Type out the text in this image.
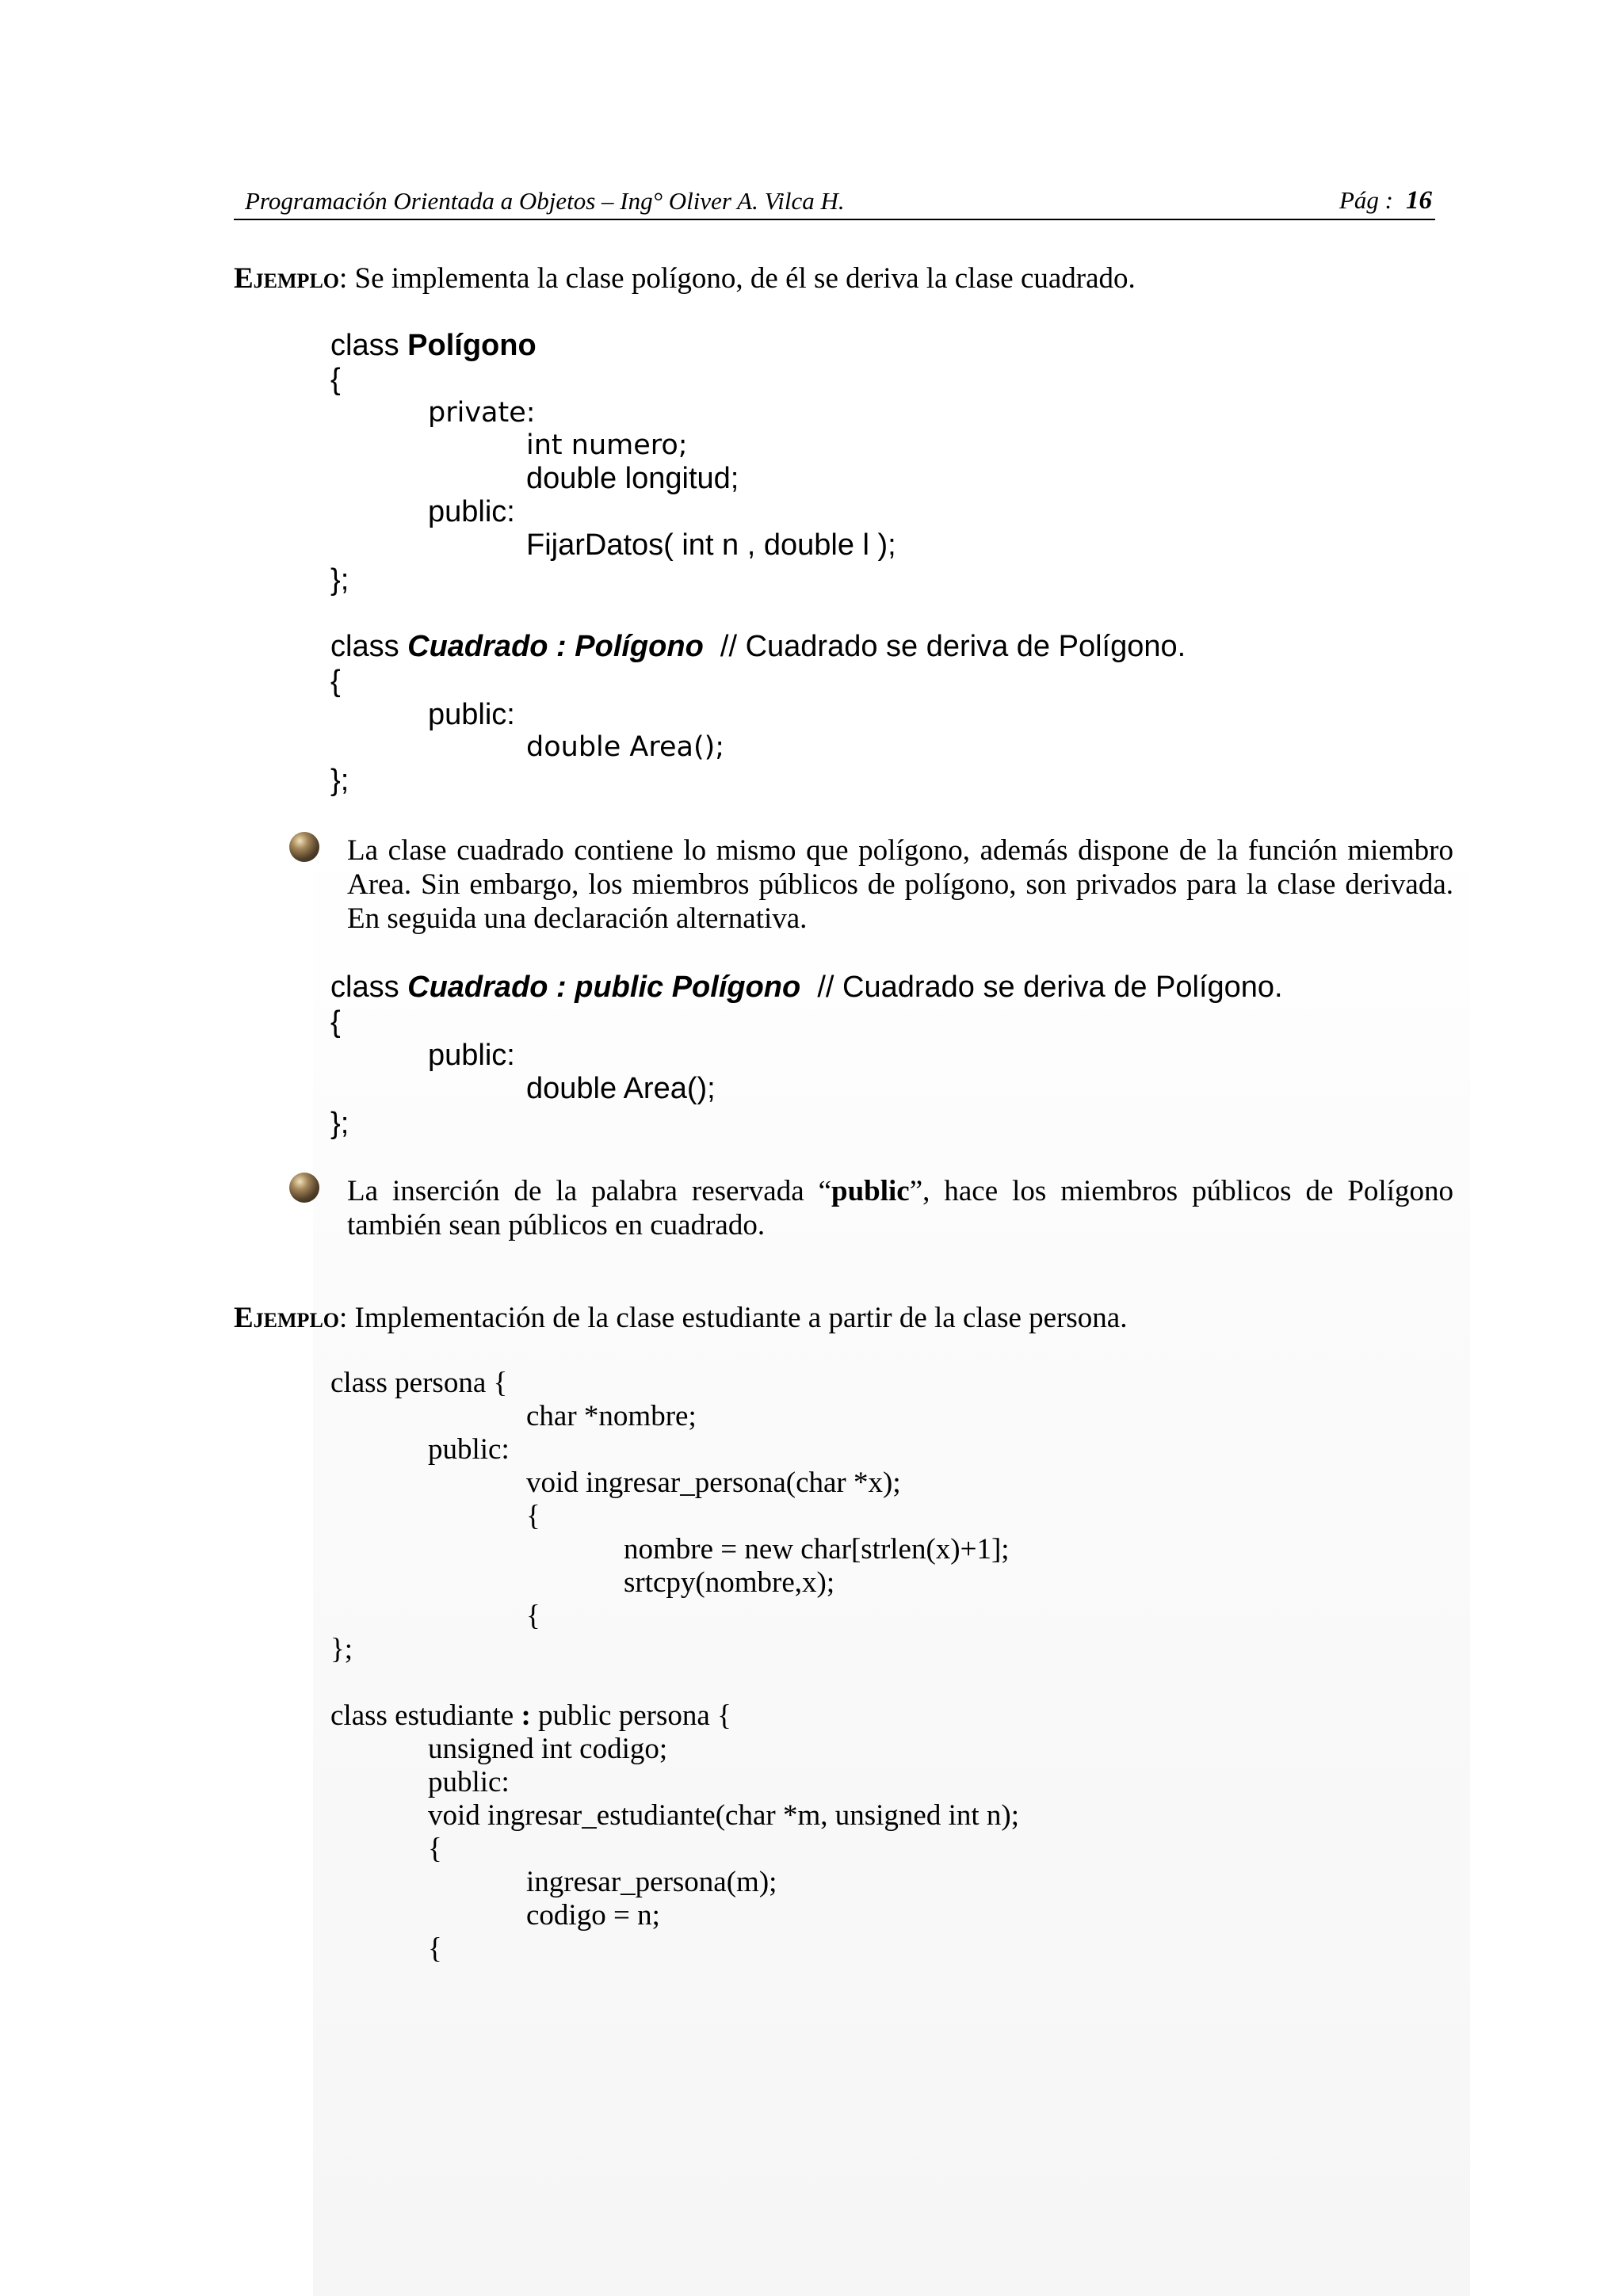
Programación Orientada a Objetos – Ing° Oliver A. Vilca H.	Pág : 16
Ejemplo: Se implementa la clase polígono, de él se deriva la clase cuadrado.
class Polígono
{
private:
int numero;
double longitud;
public:
FijarDatos( int n , double l );
};
class Cuadrado : Polígono  // Cuadrado se deriva de Polígono.
{
public:
double Area();
};
La clase cuadrado contiene lo mismo que polígono, además dispone de la función miembro Area. Sin embargo, los miembros públicos de polígono, son privados para la clase derivada. En seguida una declaración alternativa.
class Cuadrado : public Polígono  // Cuadrado se deriva de Polígono.
{
public:
double Area();
};
La inserción de la palabra reservada “public”, hace los miembros públicos de Polígono también sean públicos en cuadrado.
Ejemplo: Implementación de la clase estudiante a partir de la clase persona.
class persona {
char *nombre;
public:
void ingresar_persona(char *x);
{
nombre = new char[strlen(x)+1];
srtcpy(nombre,x);
{
};
class estudiante : public persona {
unsigned int codigo;
public:
void ingresar_estudiante(char *m, unsigned int n);
{
ingresar_persona(m);
codigo = n;
{
